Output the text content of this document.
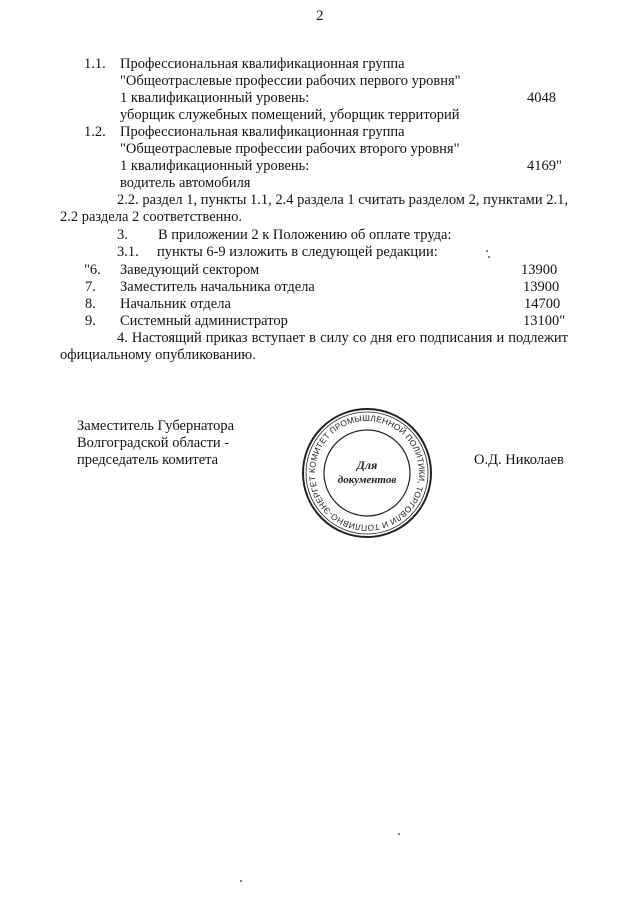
2
1.1. Профессиональная квалификационная группа
"Общеотраслевые профессии рабочих первого уровня"
1 квалификационный уровень:	4048
уборщик служебных помещений, уборщик территорий
1.2. Профессиональная квалификационная группа
"Общеотраслевые профессии рабочих второго уровня"
1 квалификационный уровень:	4169"
водитель автомобиля

2.2. раздел 1, пункты 1.1, 2.4 раздела 1 считать разделом 2, пунктами 2.1, 2.2 раздела 2 соответственно.

3. В приложении 2 к Положению об оплате труда:
3.1. пункты 6-9 изложить в следующей редакции:
"6. Заведующий сектором	13900
7. Заместитель начальника отдела	13900
8. Начальник отдела	14700
9. Системный администратор	13100"

4. Настоящий приказ вступает в силу со дня его подписания и подлежит официальному опубликованию.

Заместитель Губернатора
Волгоградской области -
председатель комитета	О.Д. Николаев
КОМИТЕТ ПРОМЫШЛЕННОЙ ПОЛИТИКИ, ТОРГОВЛИ И ТОПЛИВНО-ЭНЕРГЕТ
Для
документов
